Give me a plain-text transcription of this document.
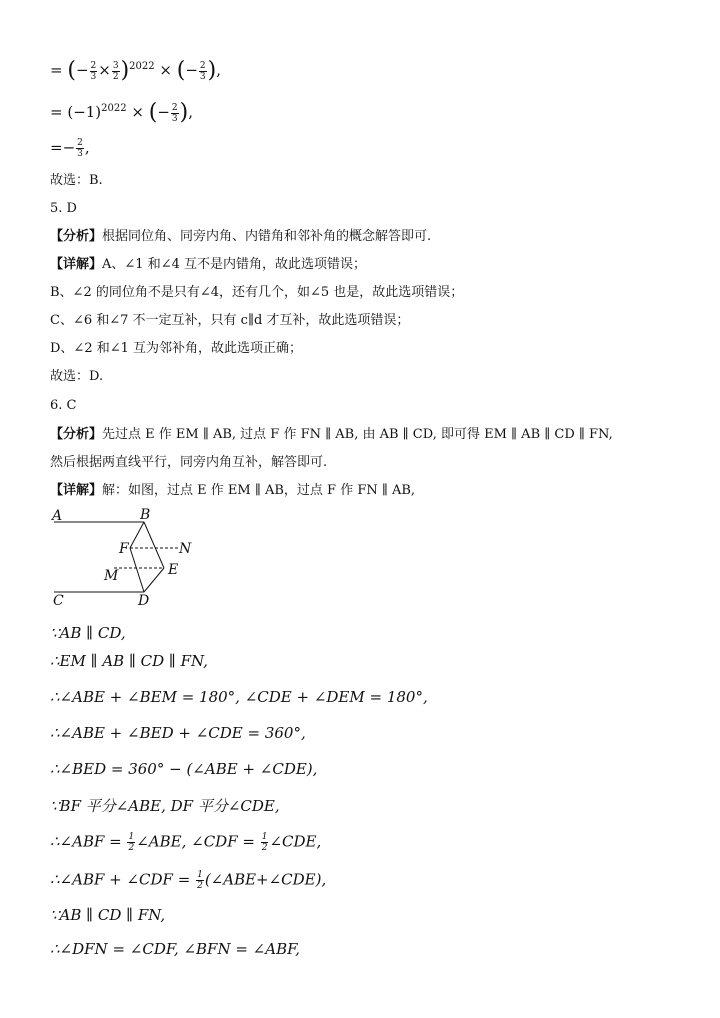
= (− $\frac{2}{3} \times \frac{3}{2} )^{2022}$ × (− $\frac{2}{3}$ ),
= $(-1)^{2022}$ × (− $\frac{2}{3}$ ),
=− $\frac{2}{3}$ ,
故选：B.
5. D
【分析】根据同位角、同旁内角、内错角和邻补角的概念解答即可.
【详解】A、∠1 和∠4 互不是内错角，故此选项错误；
B、∠2 的同位角不是只有∠4，还有几个，如∠5 也是，故此选项错误；
C、∠6 和∠7 不一定互补，只有 c∥d 才互补，故此选项错误；
D、∠2 和∠1 互为邻补角，故此选项正确；
故选：D.
6. C
【分析】先过点 E 作 EM ∥ AB, 过点 F 作 FN ∥ AB, 由 AB ∥ CD, 即可得 EM ∥ AB ∥ CD ∥ FN,
然后根据两直线平行，同旁内角互补，解答即可.
【详解】解：如图，过点 E 作 EM ∥ AB，过点 F 作 FN ∥ AB,
A	B
F	N
M	E
C	D
∵AB ∥ CD,
∴EM ∥ AB ∥ CD ∥ FN,
∴∠ABE + ∠BEM = 180°, ∠CDE + ∠DEM = 180°,
∴∠ABE + ∠BED + ∠CDE = 360°,
∴∠BED = 360° − (∠ABE + ∠CDE),
∵BF 平分∠ABE, DF 平分∠CDE,
∴∠ABF = $\frac{1}{2}$ ∠ABE, ∠CDF = $\frac{1}{2}$ ∠CDE,
∴∠ABF + ∠CDF = $\frac{1}{2}$ (∠ABE+∠CDE),
∵AB ∥ CD ∥ FN,
∴∠DFN = ∠CDF, ∠BFN = ∠ABF,
